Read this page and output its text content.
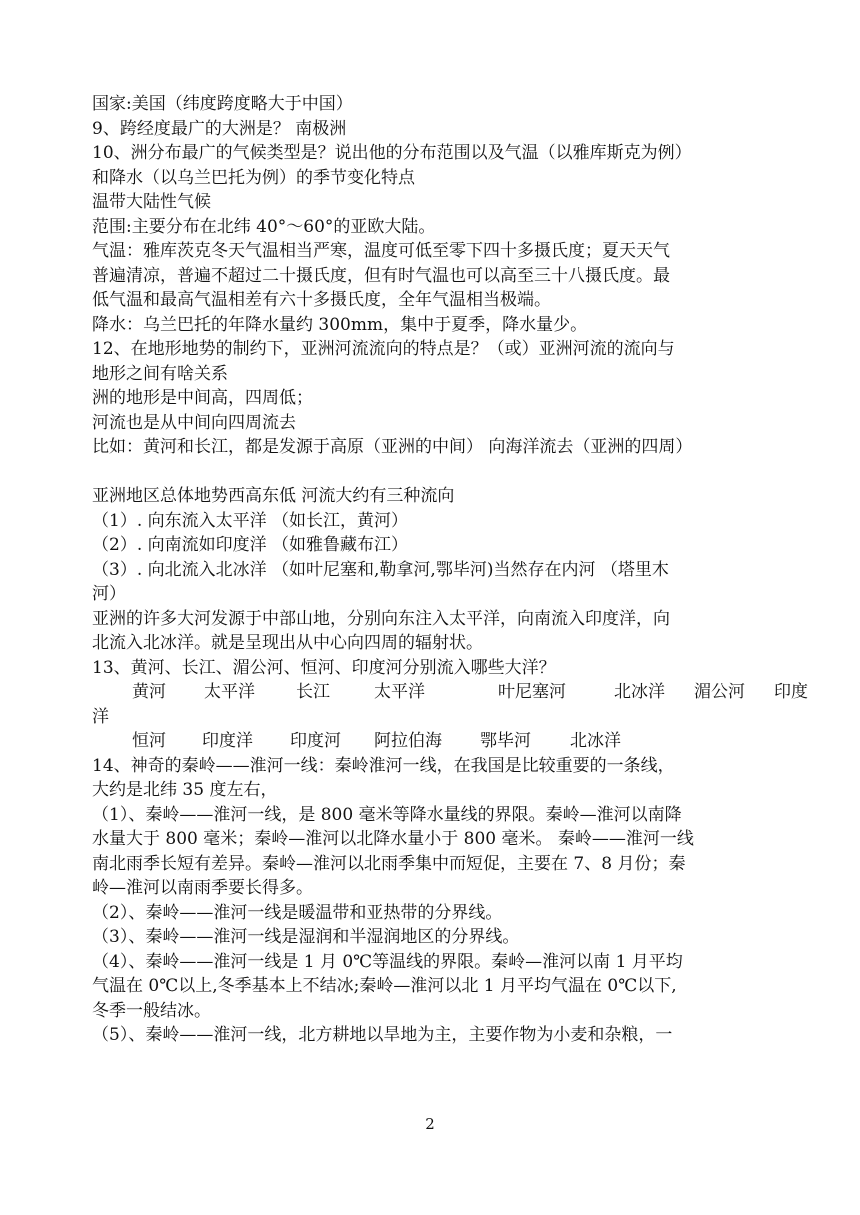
国家:美国（纬度跨度略大于中国）
9、跨经度最广的大洲是？ 南极洲
10、洲分布最广的气候类型是？说出他的分布范围以及气温（以雅库斯克为例）
和降水（以乌兰巴托为例）的季节变化特点
温带大陆性气候
范围:主要分布在北纬 40°～60°的亚欧大陆。
气温：雅库茨克冬天气温相当严寒，温度可低至零下四十多摄氏度；夏天天气
普遍清凉，普遍不超过二十摄氏度，但有时气温也可以高至三十八摄氏度。最
低气温和最高气温相差有六十多摄氏度，全年气温相当极端。
降水：乌兰巴托的年降水量约 300mm，集中于夏季，降水量少。
12、在地形地势的制约下，亚洲河流流向的特点是？（或）亚洲河流的流向与
地形之间有啥关系
洲的地形是中间高，四周低；
河流也是从中间向四周流去
比如：黄河和长江，都是发源于高原（亚洲的中间） 向海洋流去（亚洲的四周）
亚洲地区总体地势西高东低 河流大约有三种流向
（1）. 向东流入太平洋 （如长江，黄河）
（2）. 向南流如印度洋 （如雅鲁藏布江）
（3）. 向北流入北冰洋 （如叶尼塞和,勒拿河,鄂毕河)当然存在内河 （塔里木
河）
亚洲的许多大河发源于中部山地，分别向东注入太平洋，向南流入印度洋，向
北流入北冰洋。就是呈现出从中心向四周的辐射状。
13、黄河、长江、湄公河、恒河、印度河分别流入哪些大洋？
黄河 太平洋 长江	太平洋	叶尼塞河	北冰洋 湄公河 印度
洋
恒河 印度洋 印度河 阿拉伯海 鄂毕河 北冰洋
14、神奇的秦岭——淮河一线：秦岭淮河一线，在我国是比较重要的一条线，
大约是北纬 35 度左右，
（1）、秦岭——淮河一线，是 800 毫米等降水量线的界限。秦岭—淮河以南降
水量大于 800 毫米；秦岭—淮河以北降水量小于 800 毫米。 秦岭——淮河一线
南北雨季长短有差异。秦岭—淮河以北雨季集中而短促，主要在 7、8 月份；秦
岭—淮河以南雨季要长得多。
（2）、秦岭——淮河一线是暖温带和亚热带的分界线。
（3）、秦岭——淮河一线是湿润和半湿润地区的分界线。
（4）、秦岭——淮河一线是 1 月 0℃等温线的界限。秦岭—淮河以南 1 月平均
气温在 0℃以上,冬季基本上不结冰;秦岭—淮河以北 1 月平均气温在 0℃以下,
冬季一般结冰。
（5）、秦岭——淮河一线，北方耕地以旱地为主，主要作物为小麦和杂粮，一
2
